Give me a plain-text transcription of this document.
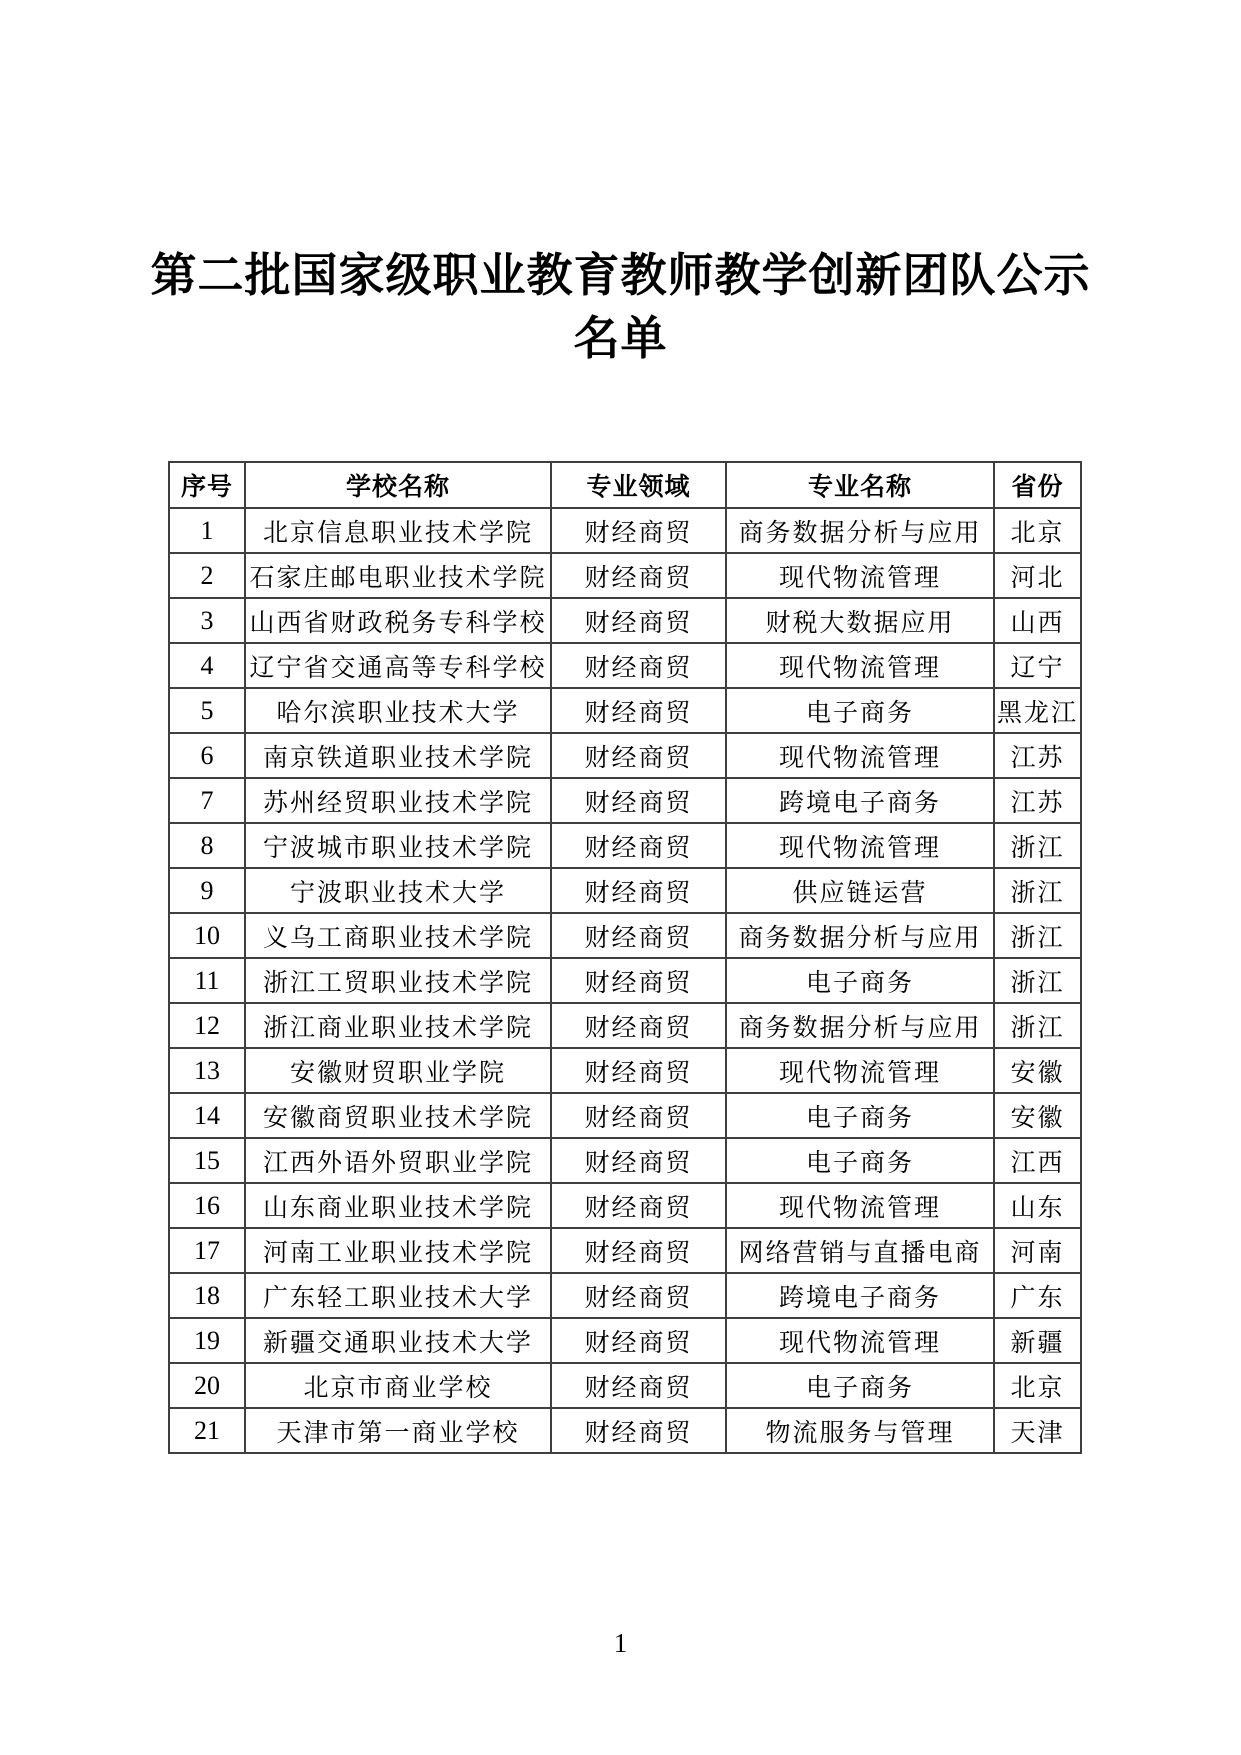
第二批国家级职业教育教师教学创新团队公示名单
序号	学校名称	专业领域	专业名称	省份
1	北京信息职业技术学院	财经商贸	商务数据分析与应用	北京
2	石家庄邮电职业技术学院	财经商贸	现代物流管理	河北
3	山西省财政税务专科学校	财经商贸	财税大数据应用	山西
4	辽宁省交通高等专科学校	财经商贸	现代物流管理	辽宁
5	哈尔滨职业技术大学	财经商贸	电子商务	黑龙江
6	南京铁道职业技术学院	财经商贸	现代物流管理	江苏
7	苏州经贸职业技术学院	财经商贸	跨境电子商务	江苏
8	宁波城市职业技术学院	财经商贸	现代物流管理	浙江
9	宁波职业技术大学	财经商贸	供应链运营	浙江
10	义乌工商职业技术学院	财经商贸	商务数据分析与应用	浙江
11	浙江工贸职业技术学院	财经商贸	电子商务	浙江
12	浙江商业职业技术学院	财经商贸	商务数据分析与应用	浙江
13	安徽财贸职业学院	财经商贸	现代物流管理	安徽
14	安徽商贸职业技术学院	财经商贸	电子商务	安徽
15	江西外语外贸职业学院	财经商贸	电子商务	江西
16	山东商业职业技术学院	财经商贸	现代物流管理	山东
17	河南工业职业技术学院	财经商贸	网络营销与直播电商	河南
18	广东轻工职业技术大学	财经商贸	跨境电子商务	广东
19	新疆交通职业技术大学	财经商贸	现代物流管理	新疆
20	北京市商业学校	财经商贸	电子商务	北京
21	天津市第一商业学校	财经商贸	物流服务与管理	天津
1
